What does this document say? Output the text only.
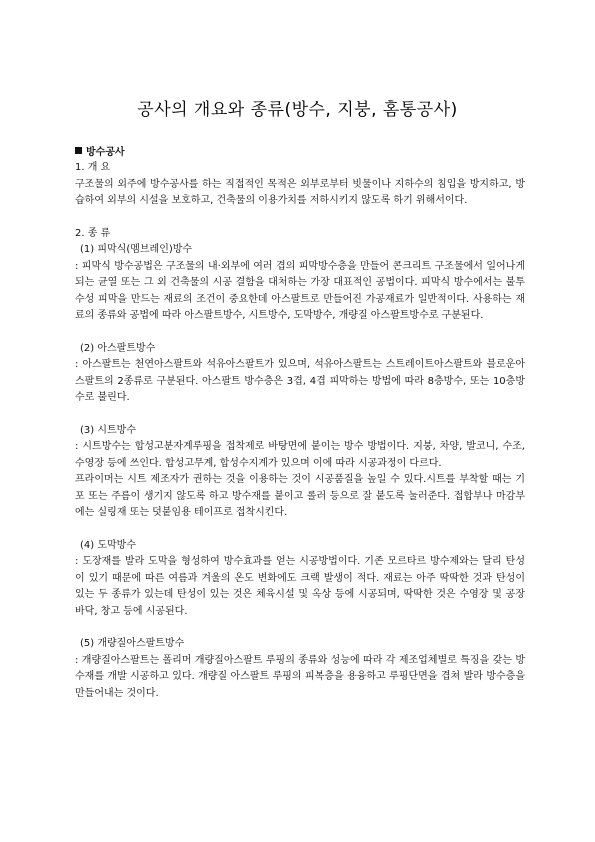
공사의 개요와 종류(방수, 지붕, 홈통공사)

방수공사

1. 개 요

구조물의 외주에 방수공사를 하는 직접적인 목적은 외부로부터 빗물이나 지하수의 침입을 방지하고, 방습하여 외부의 시설을 보호하고, 건축물의 이용가치를 저하시키지 않도록 하기 위해서이다.

2. 종 류

(1) 피막식(멤브레인)방수

: 피막식 방수공법은 구조물의 내·외부에 여러 겹의 피막방수층을 만들어 콘크리트 구조물에서 일어나게 되는 균열 또는 그 외 건축물의 시공 결함을 대처하는 가장 대표적인 공법이다. 피막식 방수에서는 불투수성 피막을 만드는 재료의 조건이 중요한데 아스팔트로 만들어진 가공재료가 일반적이다. 사용하는 재료의 종류와 공법에 따라 아스팔트방수, 시트방수, 도막방수, 개량질 아스팔트방수로 구분된다.

(2) 아스팔트방수

: 아스팔트는 천연아스팔트와 석유아스팔트가 있으며, 석유아스팔트는 스트레이트아스팔트와 블로운아스팔트의 2종류로 구분된다. 아스팔트 방수층은 3겹, 4겹 피막하는 방법에 따라 8층방수, 또는 10층방수로 불린다.

(3) 시트방수

: 시트방수는 합성고분자계루핑을 접착제로 바탕면에 붙이는 방수 방법이다. 지붕, 차양, 발코니, 수조, 수영장 등에 쓰인다. 합성고무계, 합성수지계가 있으며 이에 따라 시공과정이 다르다.

프라이머는 시트 제조자가 권하는 것을 이용하는 것이 시공품질을 높일 수 있다.시트를 부착할 때는 기포 또는 주름이 생기지 않도록 하고 방수재를 붙이고 롤러 등으로 잘 붙도록 눌러준다. 접합부나 마감부에는 실링재 또는 덧붙임용 테이프로 접착시킨다.

(4) 도막방수

: 도장재를 발라 도막을 형성하여 방수효과를 얻는 시공방법이다. 기존 모르타르 방수제와는 달리 탄성이 있기 때문에 따른 여름과 겨울의 온도 변화에도 크랙 발생이 적다. 재료는 아주 딱딱한 것과 탄성이 있는 두 종류가 있는데 탄성이 있는 것은 체육시설 및 옥상 등에 시공되며, 딱딱한 것은 수영장 및 공장바닥, 창고 등에 시공된다.

(5) 개량질아스팔트방수

: 개량질아스팔트는 폴리머 개량질아스팔트 루핑의 종류와 성능에 따라 각 제조업체별로 특징을 갖는 방수재를 개발 시공하고 있다. 개량질 아스팔트 루핑의 피복층을 용융하고 루핑단면을 겹쳐 발라 방수층을 만들어내는 것이다.
